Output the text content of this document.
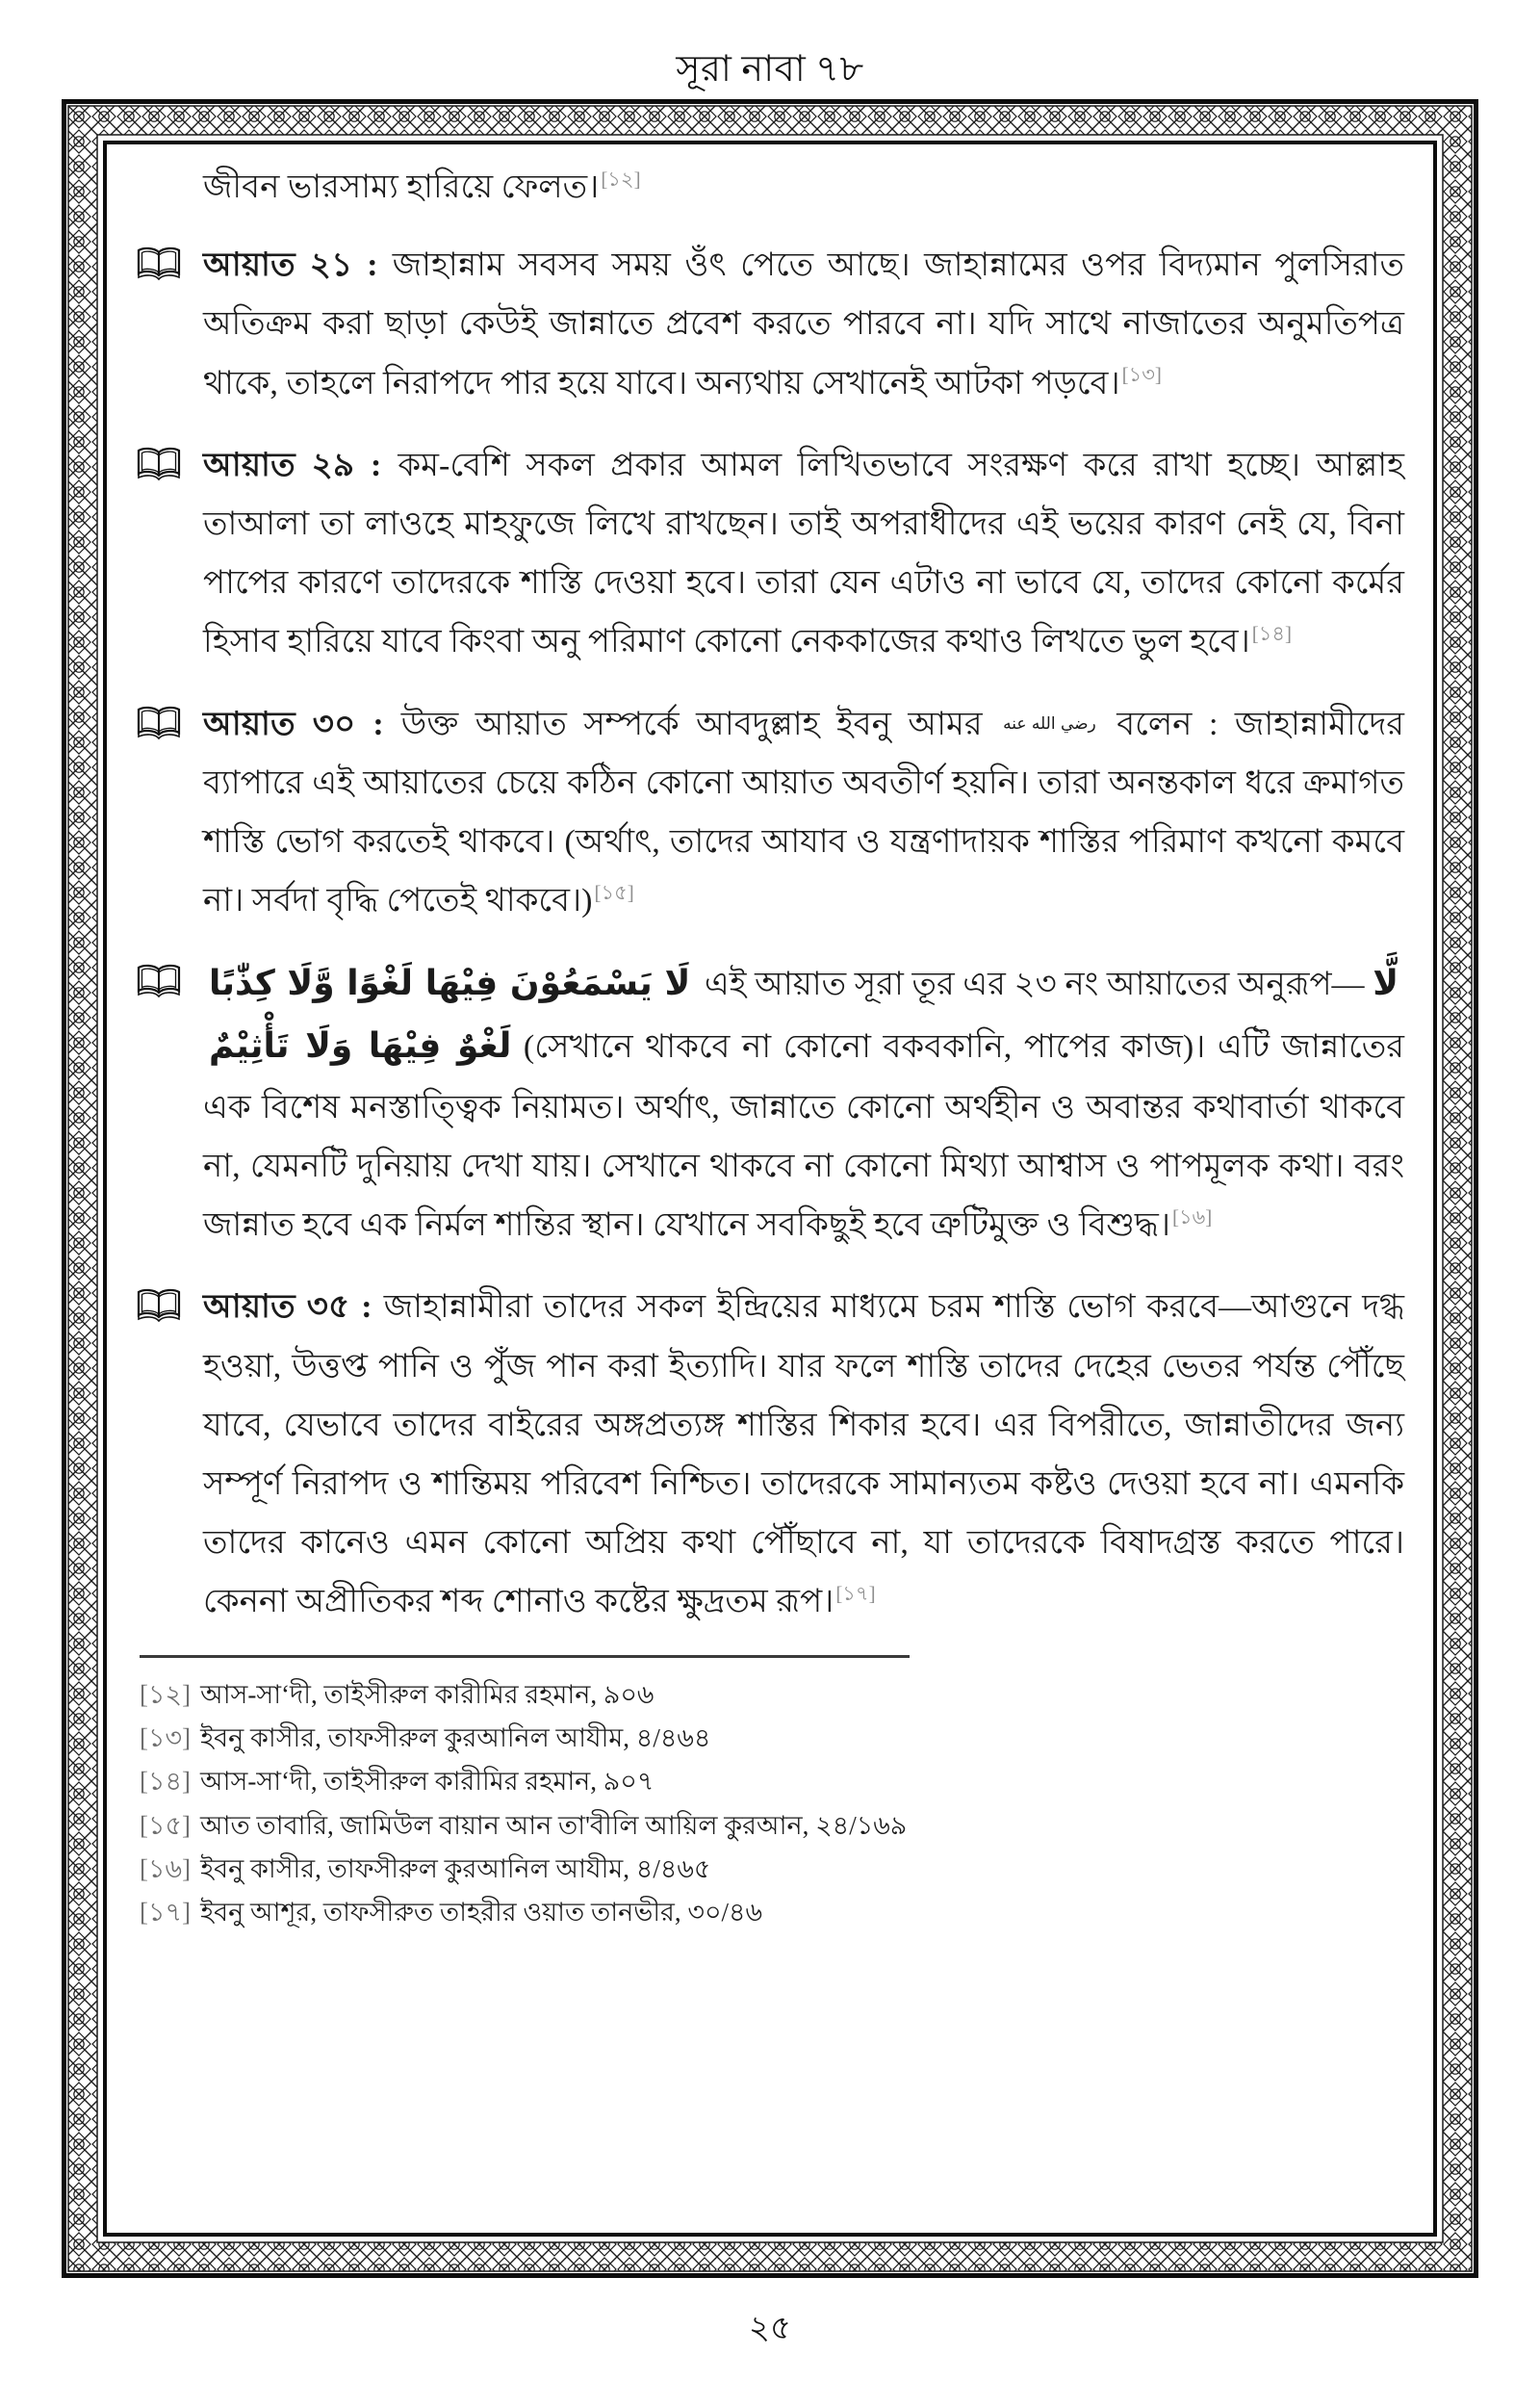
সূরা নাবা ৭৮

জীবন ভারসাম্য হারিয়ে ফেলত।[১২]

আয়াত ২১ : জাহান্নাম সবসব সময় ওঁৎ পেতে আছে। জাহান্নামের ওপর বিদ্যমান পুলসিরাত অতিক্রম করা ছাড়া কেউই জান্নাতে প্রবেশ করতে পারবে না। যদি সাথে নাজাতের অনুমতিপত্র থাকে, তাহলে নিরাপদে পার হয়ে যাবে। অন্যথায় সেখানেই আটকা পড়বে।[১৩]

আয়াত ২৯ : কম-বেশি সকল প্রকার আমল লিখিতভাবে সংরক্ষণ করে রাখা হচ্ছে। আল্লাহ তাআলা তা লাওহে মাহফুজে লিখে রাখছেন। তাই অপরাধীদের এই ভয়ের কারণ নেই যে, বিনা পাপের কারণে তাদেরকে শাস্তি দেওয়া হবে। তারা যেন এটাও না ভাবে যে, তাদের কোনো কর্মের হিসাব হারিয়ে যাবে কিংবা অনু পরিমাণ কোনো নেককাজের কথাও লিখতে ভুল হবে।[১৪]

আয়াত ৩০ : উক্ত আয়াত সম্পর্কে আবদুল্লাহ ইবনু আমর رضي الله عنه বলেন : জাহান্নামীদের ব্যাপারে এই আয়াতের চেয়ে কঠিন কোনো আয়াত অবতীর্ণ হয়নি। তারা অনন্তকাল ধরে ক্রমাগত শাস্তি ভোগ করতেই থাকবে। (অর্থাৎ, তাদের আযাব ও যন্ত্রণাদায়ক শাস্তির পরিমাণ কখনো কমবে না। সর্বদা বৃদ্ধি পেতেই থাকবে।)[১৫]

لَا يَسْمَعُوْنَ فِيْهَا لَغْوًا وَّلَا كِذّٰبًا এই আয়াত সূরা তূর এর ২৩ নং আয়াতের অনুরূপ— لَّا لَغْوٌ فِيْهَا وَلَا تَأْثِيْمٌ (সেখানে থাকবে না কোনো বকবকানি, পাপের কাজ)। এটি জান্নাতের এক বিশেষ মনস্তাত্ত্বিক নিয়ামত। অর্থাৎ, জান্নাতে কোনো অর্থহীন ও অবান্তর কথাবার্তা থাকবে না, যেমনটি দুনিয়ায় দেখা যায়। সেখানে থাকবে না কোনো মিথ্যা আশ্বাস ও পাপমূলক কথা। বরং জান্নাত হবে এক নির্মল শান্তির স্থান। যেখানে সবকিছুই হবে ত্রুটিমুক্ত ও বিশুদ্ধ।[১৬]

আয়াত ৩৫ : জাহান্নামীরা তাদের সকল ইন্দ্রিয়ের মাধ্যমে চরম শাস্তি ভোগ করবে—আগুনে দগ্ধ হওয়া, উত্তপ্ত পানি ও পুঁজ পান করা ইত্যাদি। যার ফলে শাস্তি তাদের দেহের ভেতর পর্যন্ত পৌঁছে যাবে, যেভাবে তাদের বাইরের অঙ্গপ্রত্যঙ্গ শাস্তির শিকার হবে। এর বিপরীতে, জান্নাতীদের জন্য সম্পূর্ণ নিরাপদ ও শান্তিময় পরিবেশ নিশ্চিত। তাদেরকে সামান্যতম কষ্টও দেওয়া হবে না। এমনকি তাদের কানেও এমন কোনো অপ্রিয় কথা পৌঁছাবে না, যা তাদেরকে বিষাদগ্রস্ত করতে পারে। কেননা অপ্রীতিকর শব্দ শোনাও কষ্টের ক্ষুদ্রতম রূপ।[১৭]

[১২] আস-সা‘দী, তাইসীরুল কারীমির রহমান, ৯০৬
[১৩] ইবনু কাসীর, তাফসীরুল কুরআনিল আযীম, ৪/৪৬৪
[১৪] আস-সা‘দী, তাইসীরুল কারীমির রহমান, ৯০৭
[১৫] আত তাবারি, জামিউল বায়ান আন তা'বীলি আয়িল কুরআন, ২৪/১৬৯
[১৬] ইবনু কাসীর, তাফসীরুল কুরআনিল আযীম, ৪/৪৬৫
[১৭] ইবনু আশূর, তাফসীরুত তাহরীর ওয়াত তানভীর, ৩০/৪৬
২৫
